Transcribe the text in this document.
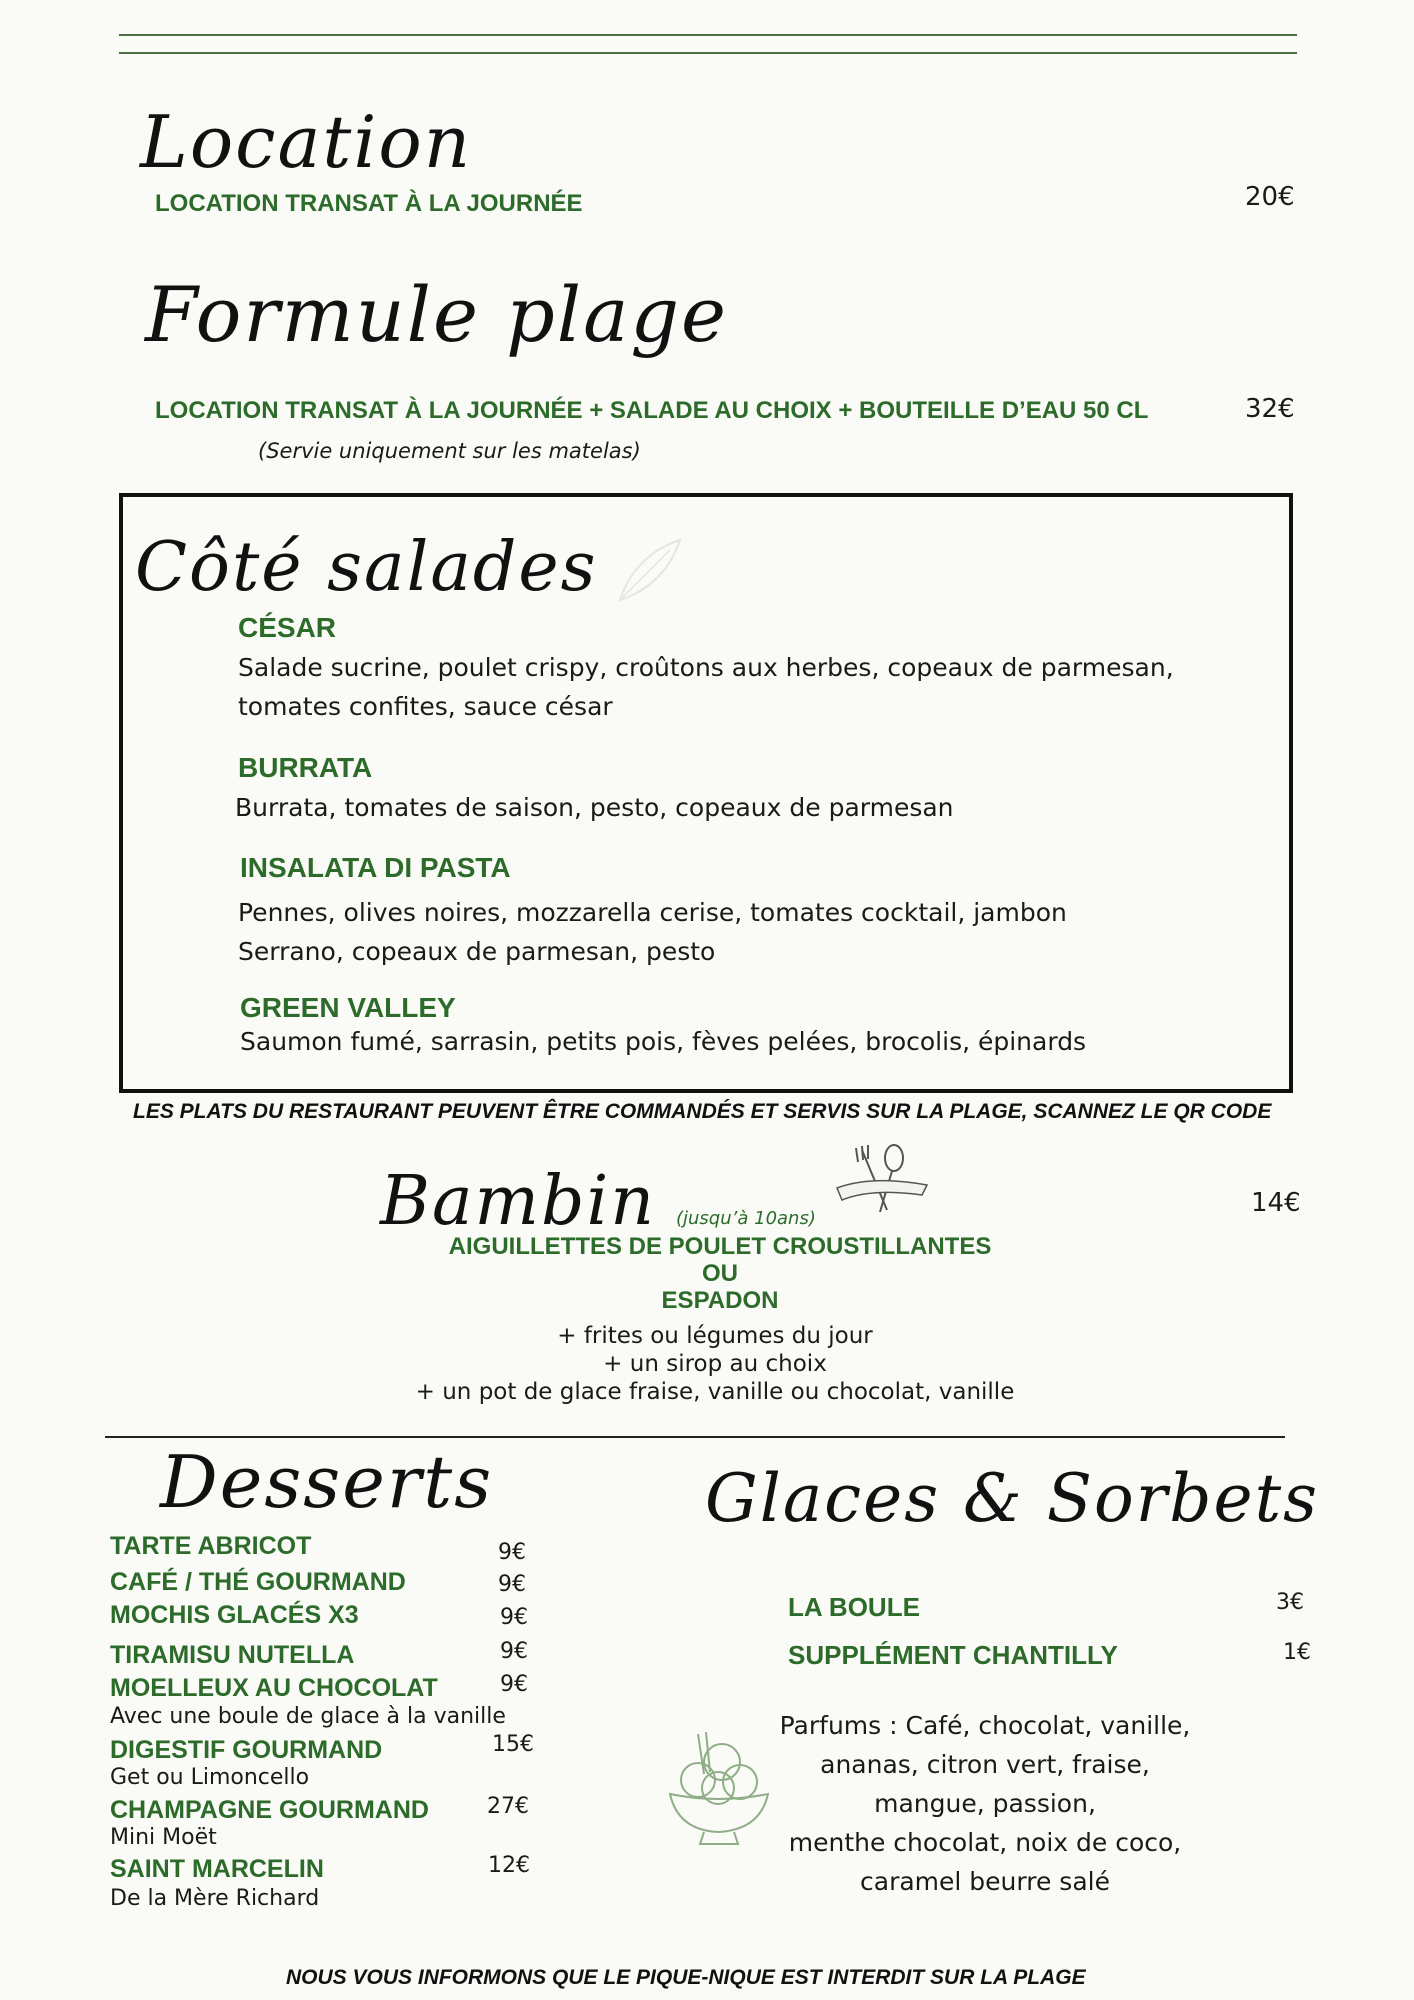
Location
LOCATION TRANSAT À LA JOURNÉE	20€
Formule plage
LOCATION TRANSAT À LA JOURNÉE + SALADE AU CHOIX + BOUTEILLE D’EAU 50 CL	32€
(Servie uniquement sur les matelas)
Côté salades
CÉSAR
Salade sucrine, poulet crispy, croûtons aux herbes, copeaux de parmesan,
tomates confites, sauce césar
BURRATA
Burrata, tomates de saison, pesto, copeaux de parmesan
INSALATA DI PASTA
Pennes, olives noires, mozzarella cerise, tomates cocktail, jambon
Serrano, copeaux de parmesan, pesto
GREEN VALLEY
Saumon fumé, sarrasin, petits pois, fèves pelées, brocolis, épinards
LES PLATS DU RESTAURANT PEUVENT ÊTRE COMMANDÉS ET SERVIS SUR LA PLAGE, SCANNEZ LE QR CODE
Bambin (jusqu’à 10ans)
14€
AIGUILLETTES DE POULET CROUSTILLANTES
OU
ESPADON
+ frites ou légumes du jour
+ un sirop au choix
+ un pot de glace fraise, vanille ou chocolat, vanille
Desserts
TARTE ABRICOT	9€
CAFÉ / THÉ GOURMAND	9€
MOCHIS GLACÉS X3	9€
TIRAMISU NUTELLA	9€
MOELLEUX AU CHOCOLAT	9€
Avec une boule de glace à la vanille
DIGESTIF GOURMAND	15€
Get ou Limoncello
CHAMPAGNE GOURMAND	27€
Mini Moët
SAINT MARCELIN	12€
De la Mère Richard
Glaces & Sorbets
LA BOULE	3€
SUPPLÉMENT CHANTILLY	1€
Parfums : Café, chocolat, vanille,
ananas, citron vert, fraise,
mangue, passion,
menthe chocolat, noix de coco,
caramel beurre salé
NOUS VOUS INFORMONS QUE LE PIQUE-NIQUE EST INTERDIT SUR LA PLAGE
